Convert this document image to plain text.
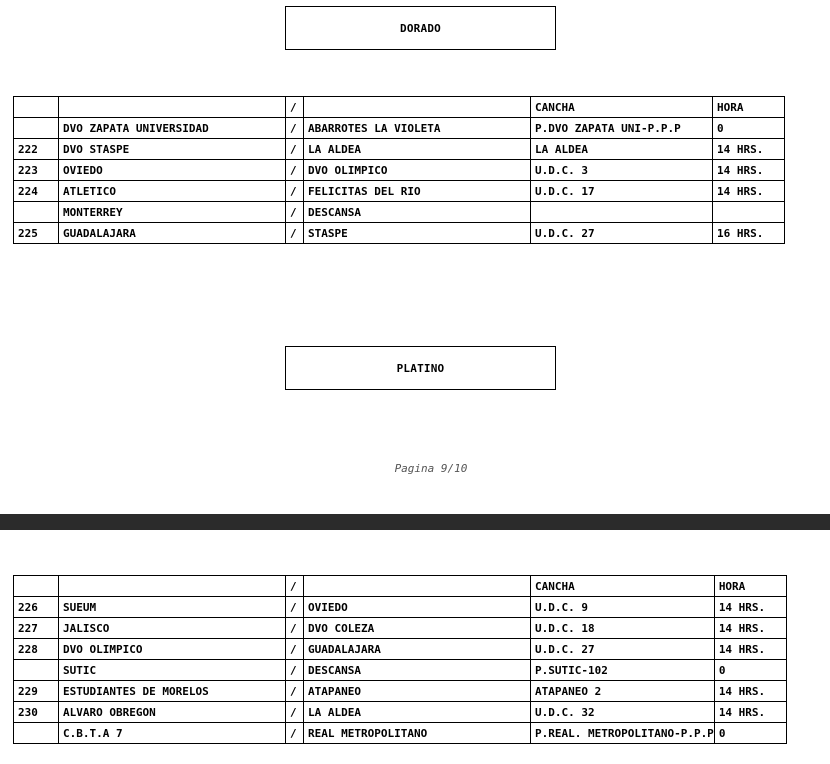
DORADO
		/		CANCHA	HORA
	DVO ZAPATA UNIVERSIDAD	/	ABARROTES LA VIOLETA	P.DVO ZAPATA UNI-P.P.P	0
222	DVO STASPE	/	LA ALDEA	LA ALDEA	14 HRS.
223	OVIEDO	/	DVO OLIMPICO	U.D.C. 3	14 HRS.
224	ATLETICO	/	FELICITAS DEL RIO	U.D.C. 17	14 HRS.
	MONTERREY	/	DESCANSA		
225	GUADALAJARA	/	STASPE	U.D.C. 27	16 HRS.
PLATINO
Pagina 9/10
		/		CANCHA	HORA
226	SUEUM	/	OVIEDO	U.D.C. 9	14 HRS.
227	JALISCO	/	DVO COLEZA	U.D.C. 18	14 HRS.
228	DVO OLIMPICO	/	GUADALAJARA	U.D.C. 27	14 HRS.
	SUTIC	/	DESCANSA	P.SUTIC-102	0
229	ESTUDIANTES DE MORELOS	/	ATAPANEO	ATAPANEO 2	14 HRS.
230	ALVARO OBREGON	/	LA ALDEA	U.D.C. 32	14 HRS.
	C.B.T.A 7	/	REAL METROPOLITANO	P.REAL. METROPOLITANO-P.P.P	0
